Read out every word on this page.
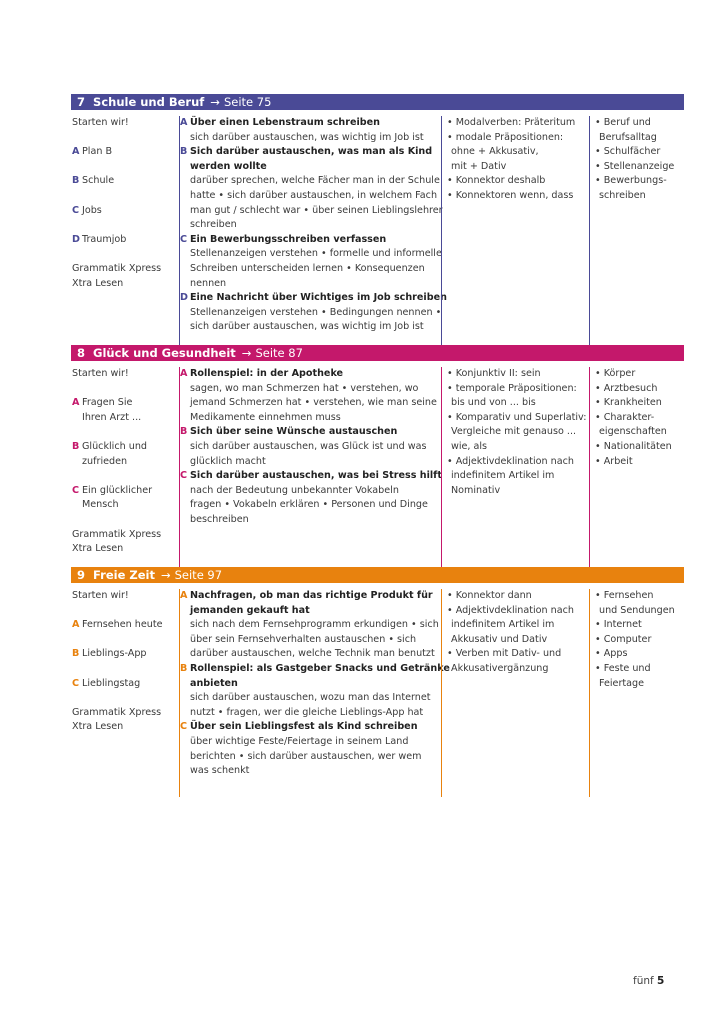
7 Schule und Beruf → Seite 75
Starten wir!
A Plan B
B Schule
C Jobs
D Traumjob
Grammatik Xpress
Xtra Lesen
A Über einen Lebenstraum schreiben
sich darüber austauschen, was wichtig im Job ist
B Sich darüber austauschen, was man als Kind
werden wollte
darüber sprechen, welche Fächer man in der Schule
hatte • sich darüber austauschen, in welchem Fach
man gut / schlecht war • über seinen Lieblingslehrer
schreiben
C Ein Bewerbungsschreiben verfassen
Stellenanzeigen verstehen • formelle und informelle
Schreiben unterscheiden lernen • Konsequenzen
nennen
D Eine Nachricht über Wichtiges im Job schreiben
Stellenanzeigen verstehen • Bedingungen nennen •
sich darüber austauschen, was wichtig im Job ist
• Modalverben: Präteritum
• modale Präpositionen:
ohne + Akkusativ,
mit + Dativ
• Konnektor deshalb
• Konnektoren wenn, dass
• Beruf und
Berufsalltag
• Schulfächer
• Stellenanzeige
• Bewerbungs-
schreiben
8 Glück und Gesundheit → Seite 87
Starten wir!
A Fragen Sie
Ihren Arzt ...
B Glücklich und
zufrieden
C Ein glücklicher
Mensch
Grammatik Xpress
Xtra Lesen
A Rollenspiel: in der Apotheke
sagen, wo man Schmerzen hat • verstehen, wo
jemand Schmerzen hat • verstehen, wie man seine
Medikamente einnehmen muss
B Sich über seine Wünsche austauschen
sich darüber austauschen, was Glück ist und was
glücklich macht
C Sich darüber austauschen, was bei Stress hilft
nach der Bedeutung unbekannter Vokabeln
fragen • Vokabeln erklären • Personen und Dinge
beschreiben
• Konjunktiv II: sein
• temporale Präpositionen:
bis und von ... bis
• Komparativ und Superlativ:
Vergleiche mit genauso ...
wie, als
• Adjektivdeklination nach
indefinitem Artikel im
Nominativ
• Körper
• Arztbesuch
• Krankheiten
• Charakter-
eigenschaften
• Nationalitäten
• Arbeit
9 Freie Zeit → Seite 97
Starten wir!
A Fernsehen heute
B Lieblings-App
C Lieblingstag
Grammatik Xpress
Xtra Lesen
A Nachfragen, ob man das richtige Produkt für
jemanden gekauft hat
sich nach dem Fernsehprogramm erkundigen • sich
über sein Fernsehverhalten austauschen • sich
darüber austauschen, welche Technik man benutzt
B Rollenspiel: als Gastgeber Snacks und Getränke
anbieten
sich darüber austauschen, wozu man das Internet
nutzt • fragen, wer die gleiche Lieblings-App hat
C Über sein Lieblingsfest als Kind schreiben
über wichtige Feste/Feiertage in seinem Land
berichten • sich darüber austauschen, wer wem
was schenkt
• Konnektor dann
• Adjektivdeklination nach
indefinitem Artikel im
Akkusativ und Dativ
• Verben mit Dativ- und
Akkusativergänzung
• Fernsehen
und Sendungen
• Internet
• Computer
• Apps
• Feste und
Feiertage
fünf 5
